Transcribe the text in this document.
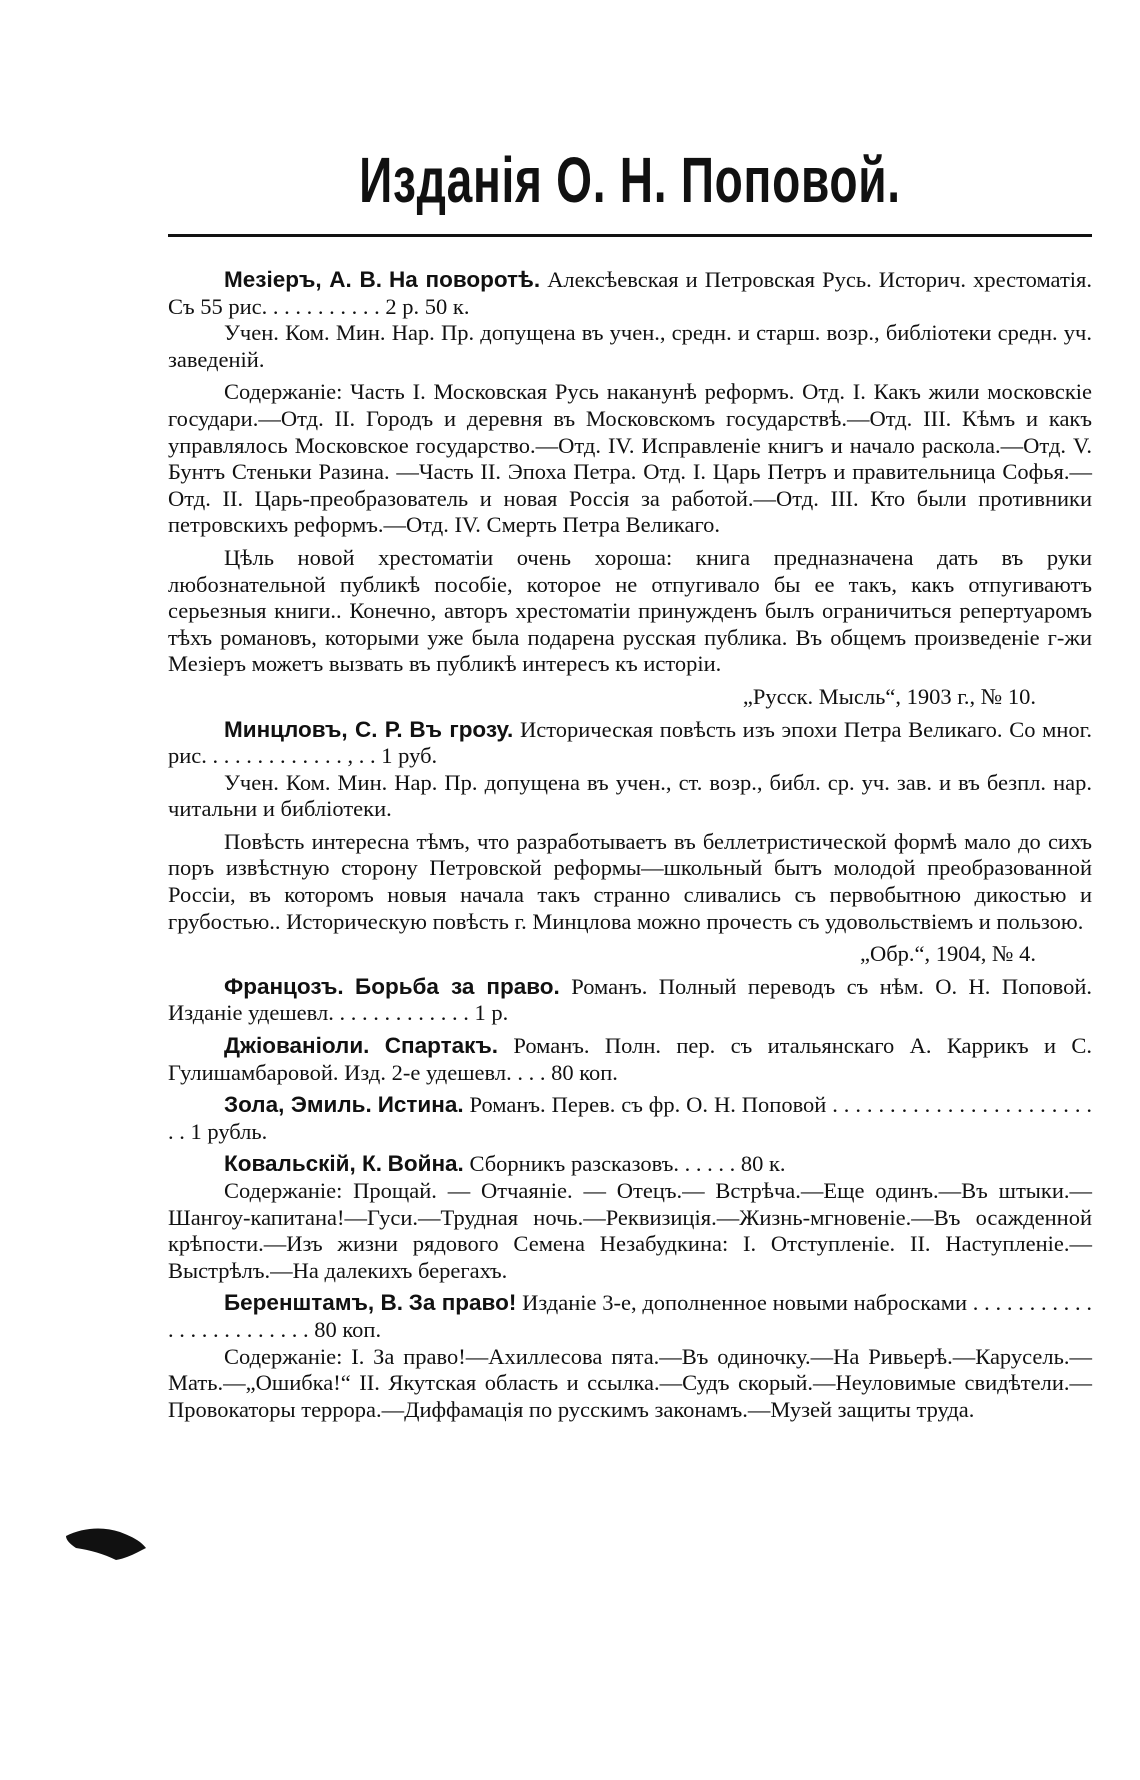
Изданія О. Н. Поповой.

Мезіеръ, А. В. На поворотѣ. Алексѣевская и Петровская Русь. Историч. хрестоматія. Съ 55 рис. . . . . . . . . . . 2 р. 50 к.

Учен. Ком. Мин. Нар. Пр. допущена въ учен., средн. и старш. возр., библіотеки средн. уч. заведеній.

Содержаніе: Часть I. Московская Русь наканунѣ реформъ. Отд. I. Какъ жили московскіе государи.—Отд. II. Городъ и деревня въ Московскомъ государствѣ.—Отд. III. Кѣмъ и какъ управлялось Московское государство.—Отд. IV. Исправленіе книгъ и начало раскола.—Отд. V. Бунтъ Стеньки Разина. —Часть II. Эпоха Петра. Отд. I. Царь Петръ и правительница Софья.—Отд. II. Царь-преобразователь и новая Россія за работой.—Отд. III. Кто были противники петровскихъ реформъ.—Отд. IV. Смерть Петра Великаго.

Цѣль новой хрестоматіи очень хороша: книга предназначена дать въ руки любознательной публикѣ пособіе, которое не отпугивало бы ее такъ, какъ отпугиваютъ серьезныя книги.. Конечно, авторъ хрестоматіи принужденъ былъ ограничиться репертуаромъ тѣхъ романовъ, которыми уже была подарена русская публика. Въ общемъ произведеніе г-жи Мезіеръ можетъ вызвать въ публикѣ интересъ къ исторіи.

„Русск. Мысль“, 1903 г., № 10.

Минцловъ, С. Р. Въ грозу. Историческая повѣсть изъ эпохи Петра Великаго. Со мног. рис. . . . . . . . . . . . . , . . 1 руб.

Учен. Ком. Мин. Нар. Пр. допущена въ учен., ст. возр., библ. ср. уч. зав. и въ безпл. нар. читальни и библіотеки.

Повѣсть интересна тѣмъ, что разработываетъ въ беллетристической формѣ мало до сихъ поръ извѣстную сторону Петровской реформы—школьный бытъ молодой преобразованной Россіи, въ которомъ новыя начала такъ странно сливались съ первобытною дикостью и грубостью.. Историческую повѣсть г. Минцлова можно прочесть съ удовольствіемъ и пользою.

„Обр.“, 1904, № 4.

Францозъ. Борьба за право. Романъ. Полный переводъ съ нѣм. О. Н. Поповой. Изданіе удешевл. . . . . . . . . . . . . 1 р.

Джіованіоли. Спартакъ. Романъ. Полн. пер. съ итальянскаго А. Каррикъ и С. Гулишамбаровой. Изд. 2-е удешевл. . . . 80 коп.

Зола, Эмиль. Истина. Романъ. Перев. съ фр. О. Н. Поповой . . . . . . . . . . . . . . . . . . . . . . . . . 1 рубль.

Ковальскій, К. Война. Сборникъ разсказовъ. . . . . . 80 к.

Содержаніе: Прощай. — Отчаяніе. — Отецъ.— Встрѣча.—Еще одинъ.—Въ штыки.—Шангоу-капитана!—Гуси.—Трудная ночь.—Реквизиція.—Жизнь-мгновеніе.—Въ осажденной крѣпости.—Изъ жизни рядового Семена Незабудкина: I. Отступленіе. II. Наступленіе.—Выстрѣлъ.—На далекихъ берегахъ.

Беренштамъ, В. За право! Изданіе 3-е, дополненное новыми набросками . . . . . . . . . . . . . . . . . . . . . . . . 80 коп.

Содержаніе: I. За право!—Ахиллесова пята.—Въ одиночку.—На Ривьерѣ.—Карусель.—Мать.—„Ошибка!“ II. Якутская область и ссылка.—Судъ скорый.—Неуловимые свидѣтели.—Провокаторы террора.—Диффамація по русскимъ законамъ.—Музей защиты труда.
